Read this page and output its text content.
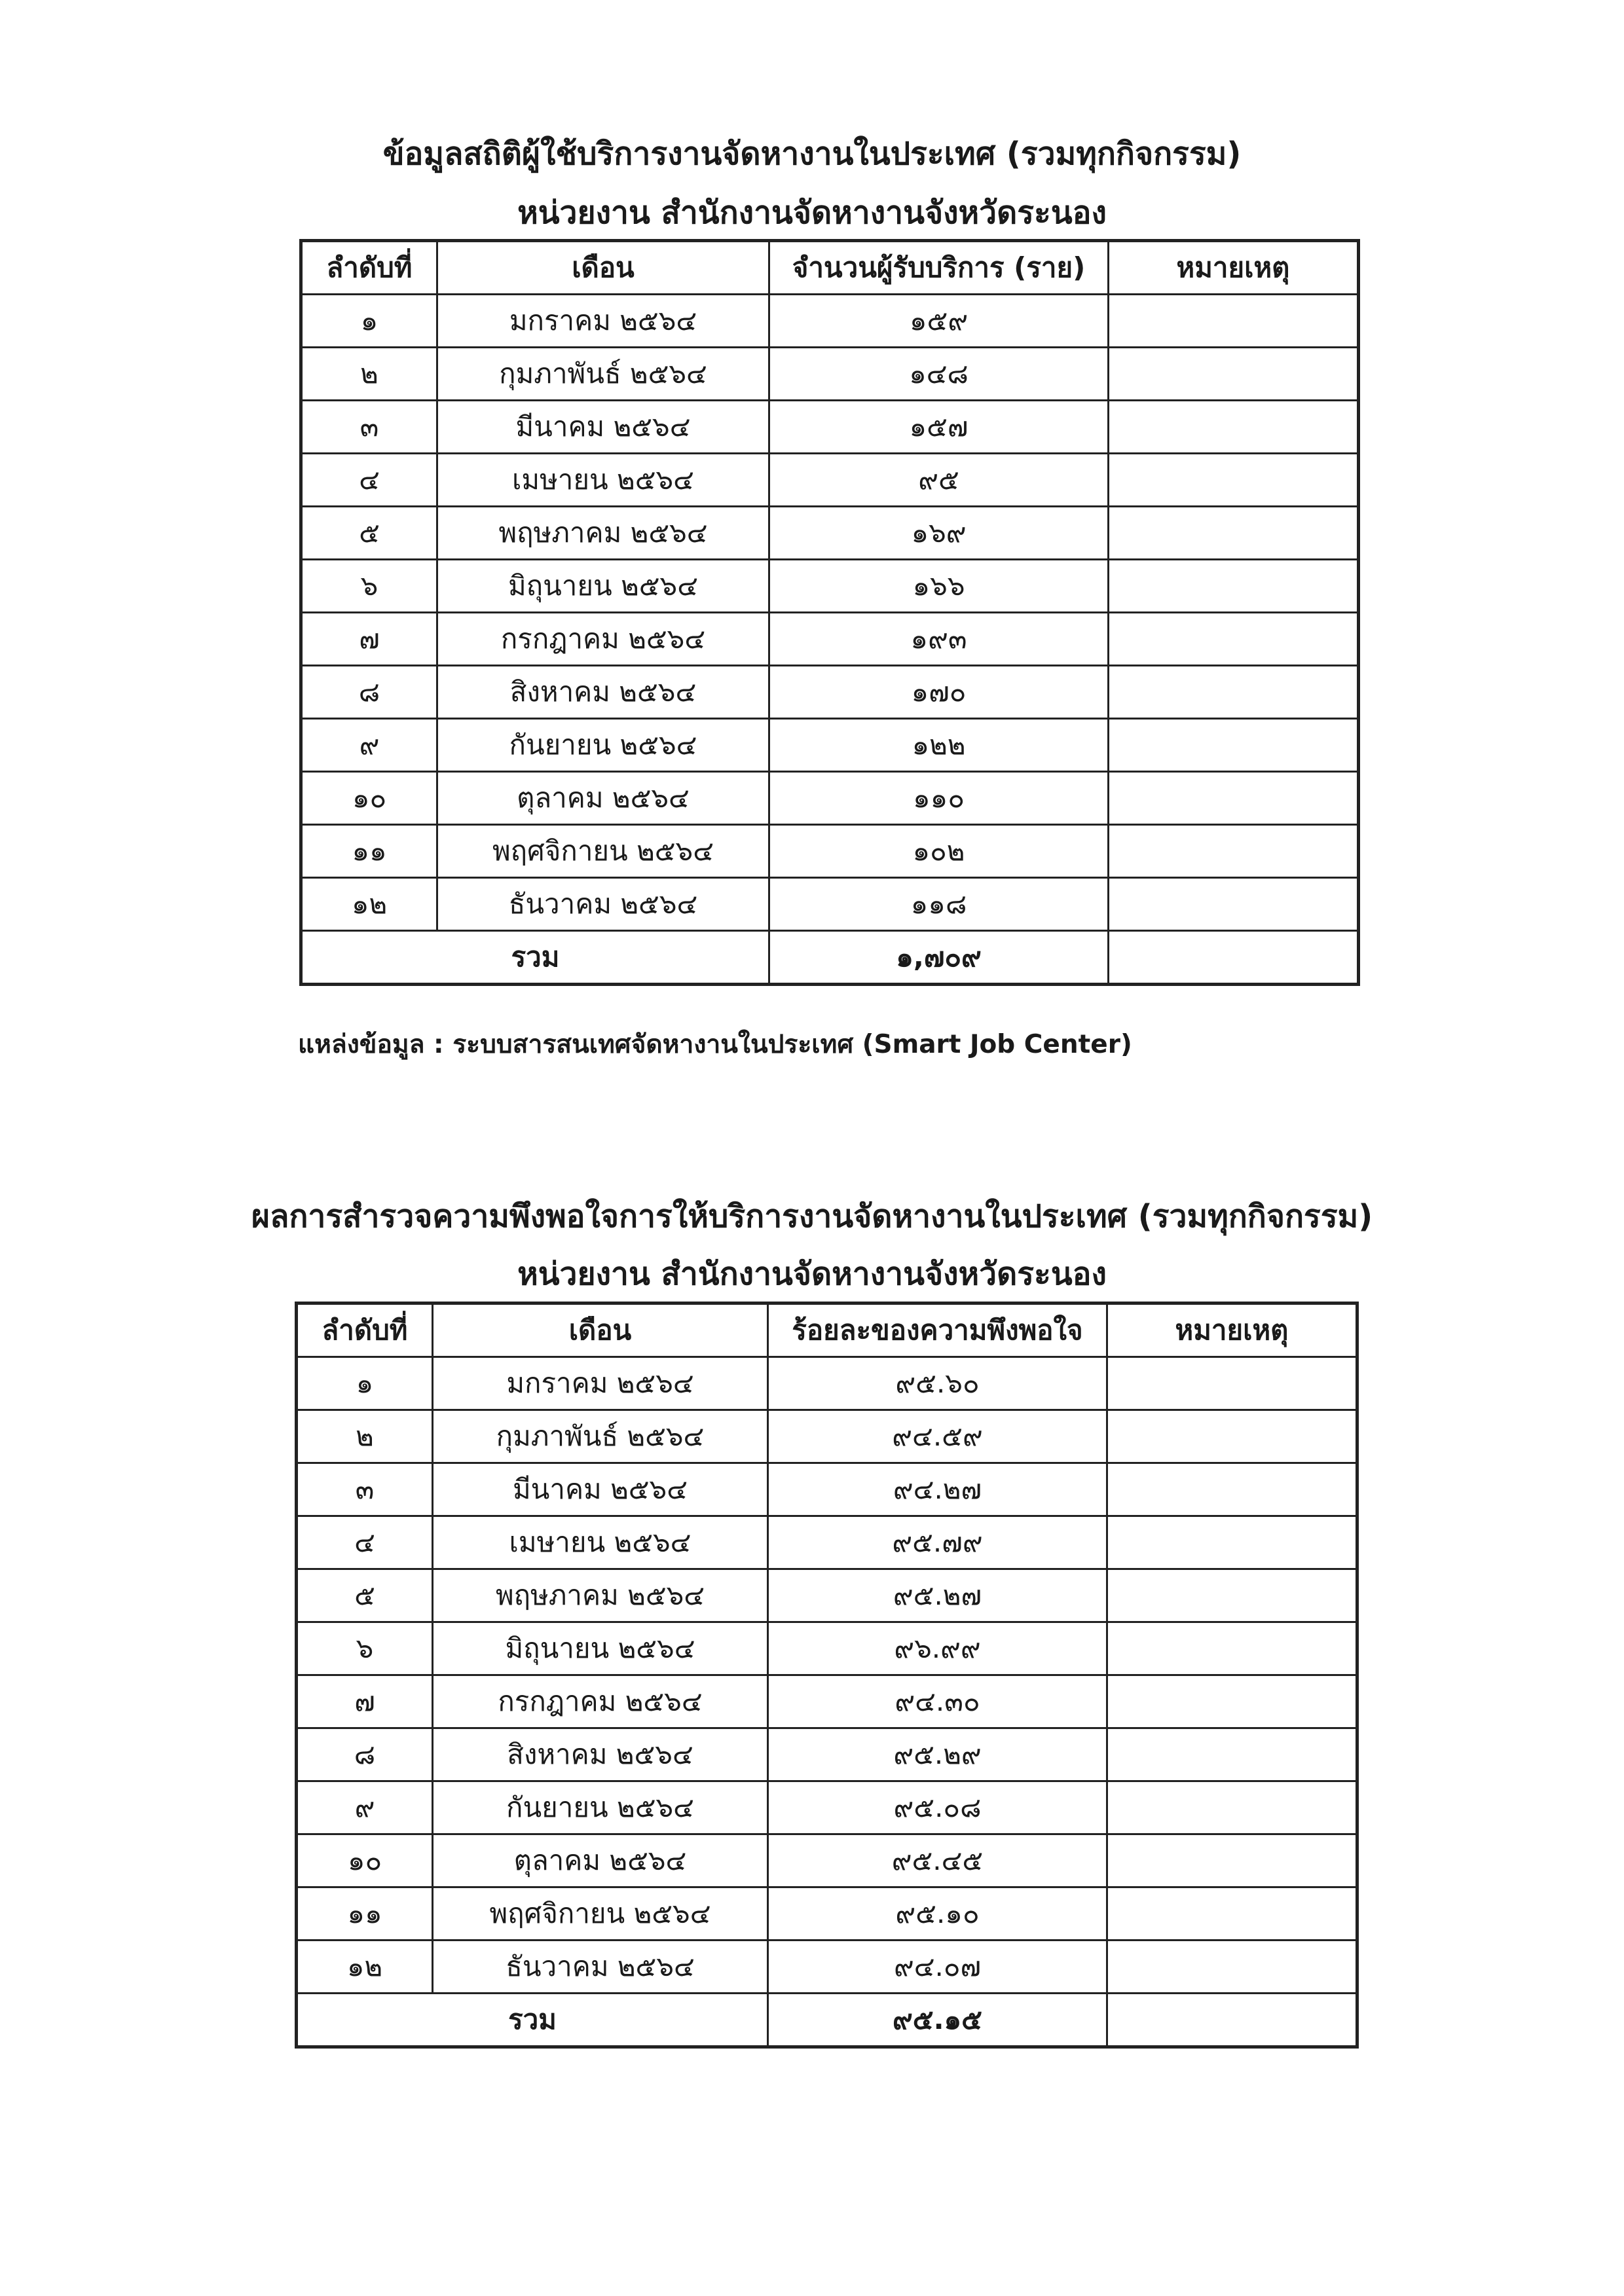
ข้อมูลสถิติผู้ใช้บริการงานจัดหางานในประเทศ (รวมทุกกิจกรรม)
หน่วยงาน สำนักงานจัดหางานจังหวัดระนอง
ลำดับที่	เดือน	จำนวนผู้รับบริการ (ราย)	หมายเหตุ
๑	มกราคม ๒๕๖๔	๑๕๙	
๒	กุมภาพันธ์ ๒๕๖๔	๑๔๘	
๓	มีนาคม ๒๕๖๔	๑๕๗	
๔	เมษายน ๒๕๖๔	๙๕	
๕	พฤษภาคม ๒๕๖๔	๑๖๙	
๖	มิถุนายน ๒๕๖๔	๑๖๖	
๗	กรกฎาคม ๒๕๖๔	๑๙๓	
๘	สิงหาคม ๒๕๖๔	๑๗๐	
๙	กันยายน ๒๕๖๔	๑๒๒	
๑๐	ตุลาคม ๒๕๖๔	๑๑๐	
๑๑	พฤศจิกายน ๒๕๖๔	๑๐๒	
๑๒	ธันวาคม ๒๕๖๔	๑๑๘	
รวม		๑,๗๐๙	
แหล่งข้อมูล : ระบบสารสนเทศจัดหางานในประเทศ (Smart Job Center)
ผลการสำรวจความพึงพอใจการให้บริการงานจัดหางานในประเทศ (รวมทุกกิจกรรม)
หน่วยงาน สำนักงานจัดหางานจังหวัดระนอง
ลำดับที่	เดือน	ร้อยละของความพึงพอใจ	หมายเหตุ
๑	มกราคม ๒๕๖๔	๙๕.๖๐	
๒	กุมภาพันธ์ ๒๕๖๔	๙๔.๕๙	
๓	มีนาคม ๒๕๖๔	๙๔.๒๗	
๔	เมษายน ๒๕๖๔	๙๕.๗๙	
๕	พฤษภาคม ๒๕๖๔	๙๕.๒๗	
๖	มิถุนายน ๒๕๖๔	๙๖.๙๙	
๗	กรกฎาคม ๒๕๖๔	๙๔.๓๐	
๘	สิงหาคม ๒๕๖๔	๙๕.๒๙	
๙	กันยายน ๒๕๖๔	๙๕.๐๘	
๑๐	ตุลาคม ๒๕๖๔	๙๕.๔๕	
๑๑	พฤศจิกายน ๒๕๖๔	๙๕.๑๐	
๑๒	ธันวาคม ๒๕๖๔	๙๔.๐๗	
รวม		๙๕.๑๕	
